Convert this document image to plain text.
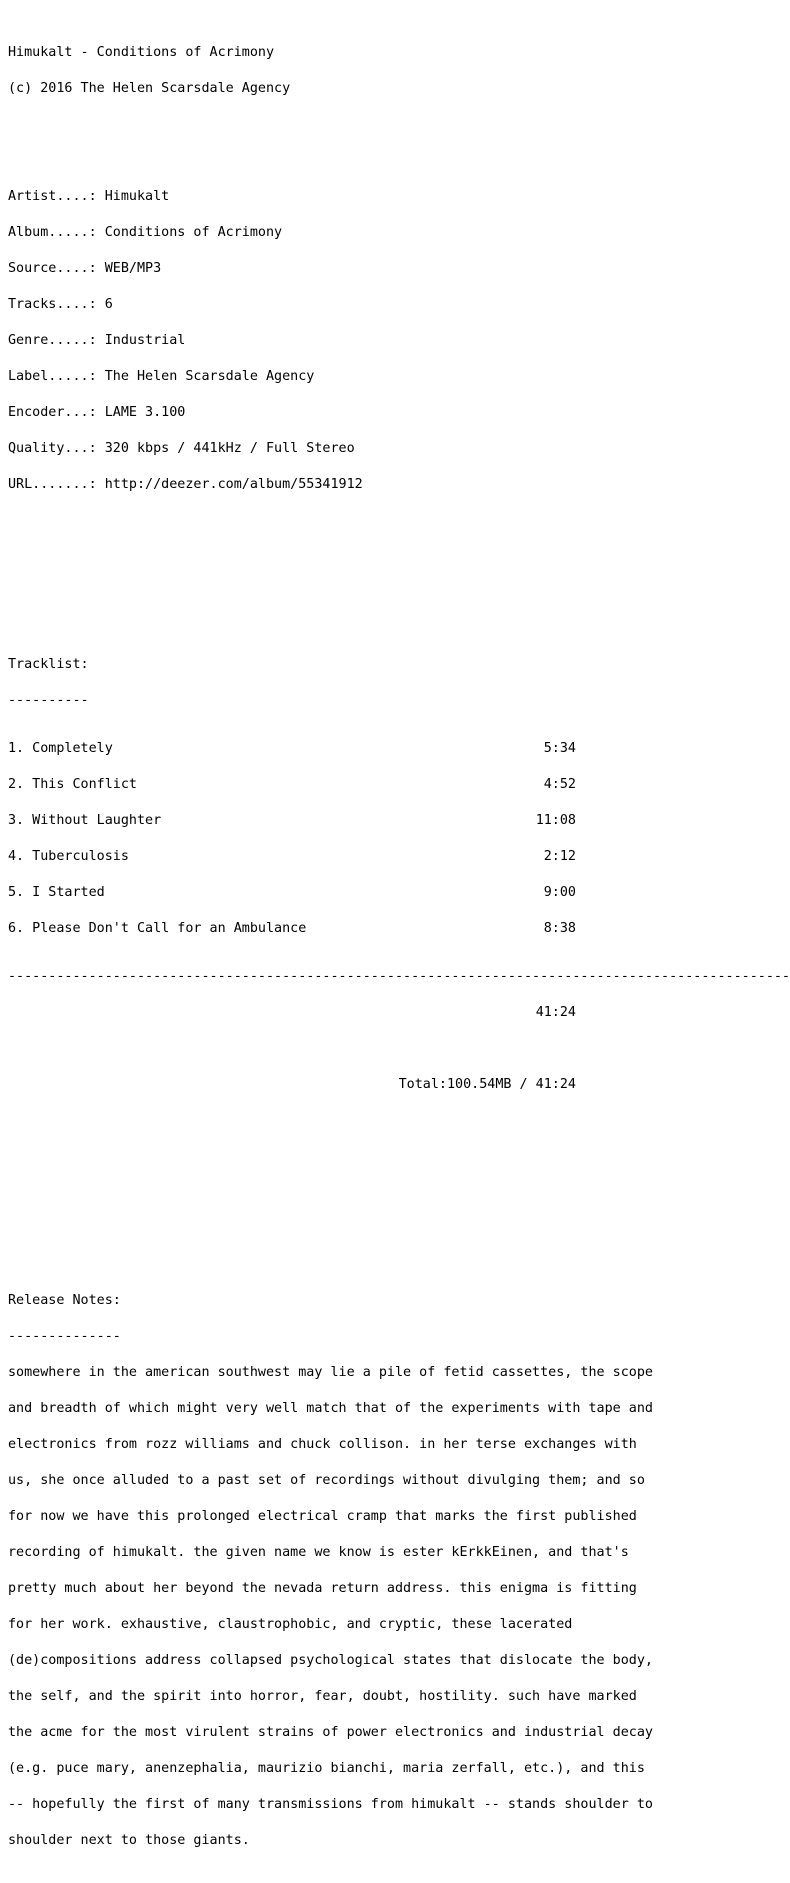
Himukalt - Conditions of Acrimony

(c) 2016 The Helen Scarsdale Agency

Artist....: Himukalt

Album.....: Conditions of Acrimony

Source....: WEB/MP3

Tracks....: 6

Genre.....: Industrial

Label.....: The Helen Scarsdale Agency

Encoder...: LAME 3.100

Quality...: 320 kbps / 441kHz / Full Stereo

URL.......: http://deezer.com/album/55341912

Tracklist:

----------

1. Completely	5:34

2. This Conflict	4:52

3. Without Laughter	11:08

4. Tuberculosis	2:12

5. I Started	9:00

6. Please Don't Call for an Ambulance	8:38

-------------------------------------------------------------------------------------------------

41:24

Total:100.54MB / 41:24

Release Notes:

--------------

somewhere in the american southwest may lie a pile of fetid cassettes, the scope

and breadth of which might very well match that of the experiments with tape and

electronics from rozz williams and chuck collison. in her terse exchanges with

us, she once alluded to a past set of recordings without divulging them; and so

for now we have this prolonged electrical cramp that marks the first published

recording of himukalt. the given name we know is ester kErkkEinen, and that's

pretty much about her beyond the nevada return address. this enigma is fitting

for her work. exhaustive, claustrophobic, and cryptic, these lacerated

(de)compositions address collapsed psychological states that dislocate the body,

the self, and the spirit into horror, fear, doubt, hostility. such have marked

the acme for the most virulent strains of power electronics and industrial decay

(e.g. puce mary, anenzephalia, maurizio bianchi, maria zerfall, etc.), and this

-- hopefully the first of many transmissions from himukalt -- stands shoulder to

shoulder next to those giants.
